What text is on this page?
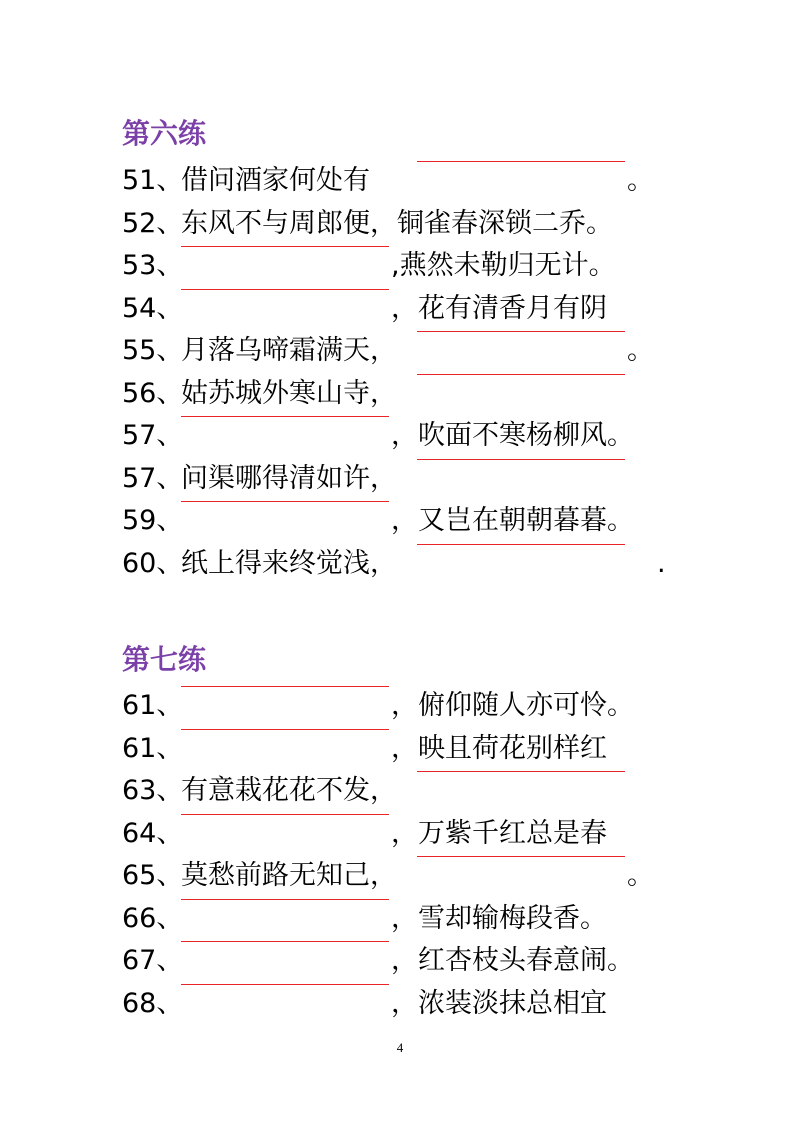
第六练
51、
借问酒家何处有	。
52、
东风不与周郎便，铜雀春深锁二乔。
53、	,燕然未勒归无计。
54、	，花有清香月有阴
55、
月落乌啼霜满天，	。
56、
姑苏城外寒山寺，
57、	，吹面不寒杨柳风。
57、
问渠哪得清如许，
59、	，又岂在朝朝暮暮。
60、
纸上得来终觉浅，	.
第七练
61、	，俯仰随人亦可怜。
61、	，映且荷花别样红
63、
有意栽花花不发，
64、	，万紫千红总是春
65、
莫愁前路无知己，	。
66、	，雪却输梅段香。
67、	，红杏枝头春意闹。
68、	，浓装淡抹总相宜
4
